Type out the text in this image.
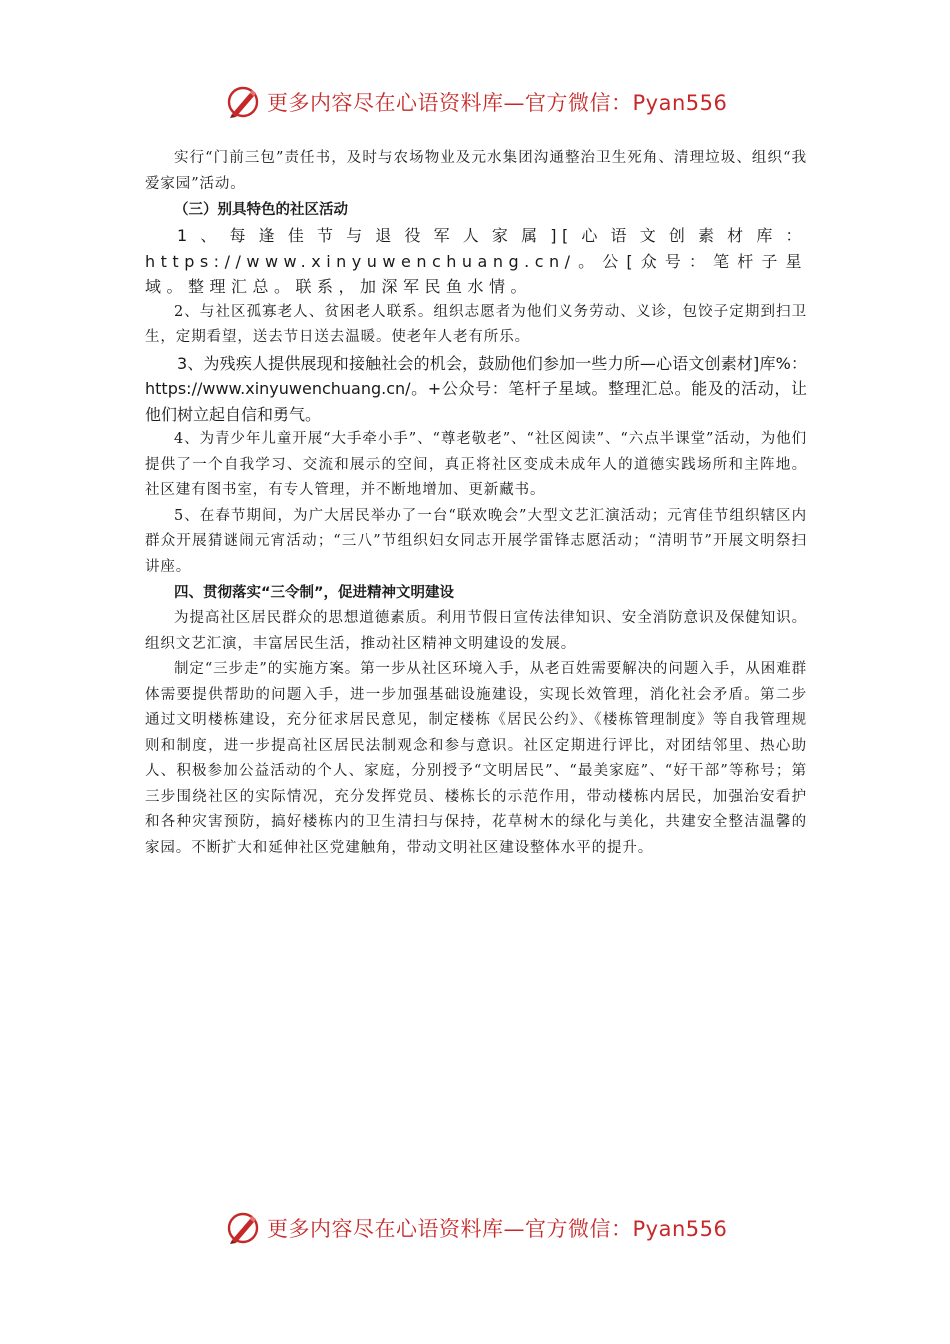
更多内容尽在心语资料库—官方微信：Pyan556

实行“门前三包”责任书，及时与农场物业及元水集团沟通整治卫生死角、清理垃圾、组织“我爱家园”活动。

（三）别具特色的社区活动

1、每逢佳节与退役军人家属][心语文创素材库：https://www.xinyuwenchuang.cn/。公[众号：笔杆子星域。整理汇总。联系，加深军民鱼水情。

2、与社区孤寡老人、贫困老人联系。组织志愿者为他们义务劳动、义诊，包饺子定期到扫卫生，定期看望，送去节日送去温暖。使老年人老有所乐。

3、为残疾人提供展现和接触社会的机会，鼓励他们参加一些力所—心语文创素材]库%：https://www.xinyuwenchuang.cn/。+公众号：笔杆子星域。整理汇总。能及的活动，让他们树立起自信和勇气。

4、为青少年儿童开展“大手牵小手”、“尊老敬老”、“社区阅读”、“六点半课堂”活动，为他们提供了一个自我学习、交流和展示的空间，真正将社区变成未成年人的道德实践场所和主阵地。社区建有图书室，有专人管理，并不断地增加、更新藏书。

5、在春节期间，为广大居民举办了一台“联欢晚会”大型文艺汇演活动；元宵佳节组织辖区内群众开展猜谜闹元宵活动；“三八”节组织妇女同志开展学雷锋志愿活动；“清明节”开展文明祭扫讲座。

四、贯彻落实“三令制”，促进精神文明建设

为提高社区居民群众的思想道德素质。利用节假日宣传法律知识、安全消防意识及保健知识。组织文艺汇演，丰富居民生活，推动社区精神文明建设的发展。

制定“三步走”的实施方案。第一步从社区环境入手，从老百姓需要解决的问题入手，从困难群体需要提供帮助的问题入手，进一步加强基础设施建设，实现长效管理，消化社会矛盾。第二步通过文明楼栋建设，充分征求居民意见，制定楼栋《居民公约》、《楼栋管理制度》等自我管理规则和制度，进一步提高社区居民法制观念和参与意识。社区定期进行评比，对团结邻里、热心助人、积极参加公益活动的个人、家庭，分别授予“文明居民”、“最美家庭”、“好干部”等称号；第三步围绕社区的实际情况，充分发挥党员、楼栋长的示范作用，带动楼栋内居民，加强治安看护和各种灾害预防，搞好楼栋内的卫生清扫与保持，花草树木的绿化与美化，共建安全整洁温馨的家园。不断扩大和延伸社区党建触角，带动文明社区建设整体水平的提升。

更多内容尽在心语资料库—官方微信：Pyan556
